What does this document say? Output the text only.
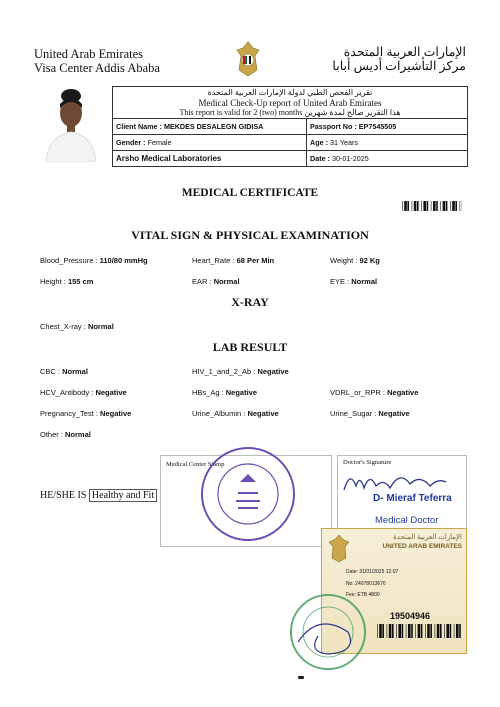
United Arab Emirates
Visa Center Addis Ababa
الإمارات العربية المتحدة
مركز التأشيرات أديس أبابا
تقرير الفحص الطبي لدولة الإمارات العربية المتحدة
Medical Check-Up report of United Arab Emirates
This report is valid for 2 (two) months هذا التقرير صالح لمدة شهرين
Client Name : MEKDES DESALEGN GIDISA	Passport No : EP7545505
Gender : Female	Age : 31 Years
Arsho Medical Laboratories	Date : 30-01-2025
MEDICAL CERTIFICATE
VITAL SIGN & PHYSICAL EXAMINATION
Blood_Pressure : 110/80 mmHg	Heart_Rate : 68 Per Min	Weight : 92 Kg
Height : 155 cm	EAR : Normal	EYE : Normal
X-RAY
Chest_X-ray : Normal
LAB RESULT
CBC : Normal	HIV_1_and_2_Ab : Negative
HCV_Antibody : Negative	HBs_Ag : Negative	VDRL_or_RPR : Negative
Pregnancy_Test : Negative	Urine_Albumin : Negative	Urine_Sugar : Negative
Other : Normal
Medical Center Stamp	Doctor's Signature
D- Mieraf Teferra
Medical Doctor
HE/SHE IS Healthy and Fit
الإمارات العربية المتحدة
UNITED ARAB EMIRATES
Date: 31/01/2025 12:07
No: 24078013676
Fee: ETB 4800
19504946
